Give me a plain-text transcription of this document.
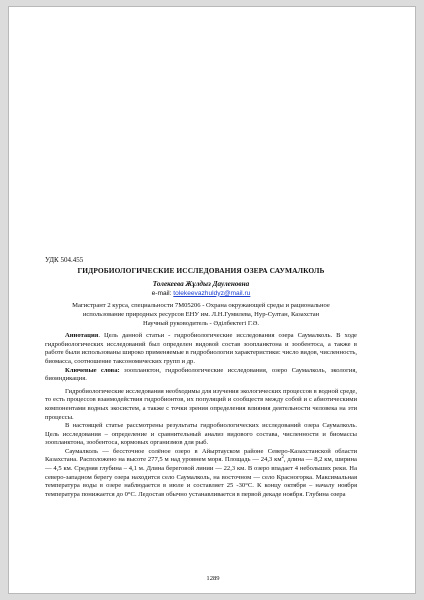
УДК 504.455
ГИДРОБИОЛОГИЧЕСКИЕ ИССЛЕДОВАНИЯ ОЗЕРА САУМАЛКОЛЬ
Толекеева Жұлдыз Дауленовна
e-mail: tolekeevazhuldyz@mail.ru

Магистрант 2 курса, специальности 7M05206 - Охрана окружающей среды и рациональное

использование природных ресурсов ЕНУ им. Л.Н.Гумилева, Нур-Султан, Казахстан

Научный руководитель - Әділбектегі Г.Ә.

Аннотация. Цель данной статьи - гидробиологические исследования озера Саумалколь. В ходе гидробиологических исследований был определен видовой состав зоопланктона и зообентоса, а также в работе были использованы широко применяемые в гидробиологии характеристики: число видов, численность, биомасса, соотношение таксономических групп и др.

Ключевые слова: зоопланктон, гидробиологические исследования, озеро Саумалколь, экология, биоиндикация.

Гидробиологические исследования необходимы для изучения экологических процессов в водной среде, то есть процессов взаимодействия гидробионтов, их популяций и сообществ между собой и с абиотическими компонентами водных экосистем, а также с точки зрения определения влияния деятельности человека на эти процессы.

В настоящей статье рассмотрены результаты гидробиологических исследований озера Саумалколь. Цель исследования – определение и сравнительный анализ видового состава, численности и биомассы зоопланктона, зообентоса, кормовых организмов для рыб.

Саумалколь — бессточное солёное озеро в Айыртауском районе Северо-Казахстанской области Казахстана. Расположено на высоте 277,5 м над уровнем моря. Площадь — 24,3 $км^2$, длина — 8,2 км, ширина — 4,5 км. Средняя глубина – 4,1 м. Длина береговой линии — 22,3 км. В озеро впадает 4 небольших реки. На северо-западном берегу озера находится село Саумалколь, на восточном — село Красногорка. Максимальная температура воды в озере наблюдается в июле и составляет 25 -30°С. К концу октября – началу ноября температура понижается до 0°С. Ледостав обычно устанавливается в первой декаде ноября. Глубина озера

1289
